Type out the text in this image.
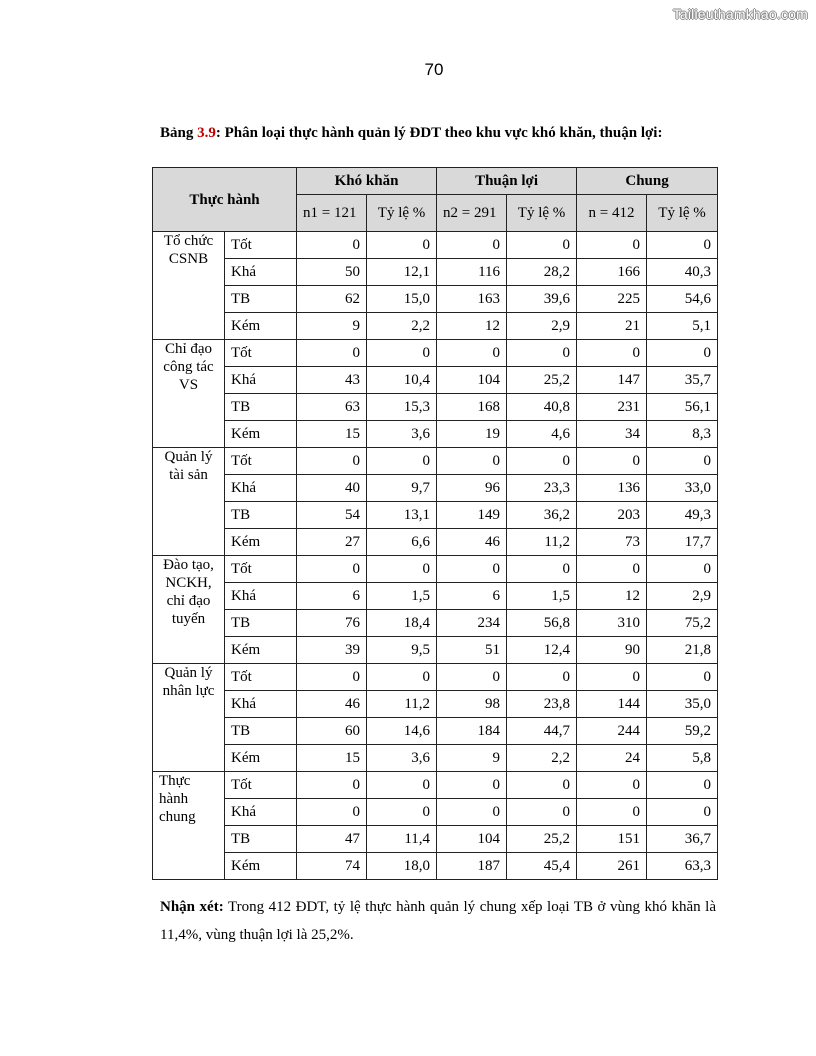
Tailieuthamkhao.com
70
Bảng 3.9: Phân loại thực hành quản lý ĐDT theo khu vực khó khăn, thuận lợi:
Thực hành		Khó khăn		Thuận lợi		Chung	
		n1 = 121	Tỷ lệ %	n2 = 291	Tỷ lệ %	n = 412	Tỷ lệ %
Tổ chức CSNB	Tốt	0	0	0	0	0	0
	Khá	50	12,1	116	28,2	166	40,3
	TB	62	15,0	163	39,6	225	54,6
	Kém	9	2,2	12	2,9	21	5,1
Chỉ đạo công tác VS	Tốt	0	0	0	0	0	0
	Khá	43	10,4	104	25,2	147	35,7
	TB	63	15,3	168	40,8	231	56,1
	Kém	15	3,6	19	4,6	34	8,3
Quản lý tài sản	Tốt	0	0	0	0	0	0
	Khá	40	9,7	96	23,3	136	33,0
	TB	54	13,1	149	36,2	203	49,3
	Kém	27	6,6	46	11,2	73	17,7
Đào tạo, NCKH, chỉ đạo tuyến	Tốt	0	0	0	0	0	0
	Khá	6	1,5	6	1,5	12	2,9
	TB	76	18,4	234	56,8	310	75,2
	Kém	39	9,5	51	12,4	90	21,8
Quản lý nhân lực	Tốt	0	0	0	0	0	0
	Khá	46	11,2	98	23,8	144	35,0
	TB	60	14,6	184	44,7	244	59,2
	Kém	15	3,6	9	2,2	24	5,8
Thực hành chung	Tốt	0	0	0	0	0	0
	Khá	0	0	0	0	0	0
	TB	47	11,4	104	25,2	151	36,7
	Kém	74	18,0	187	45,4	261	63,3
Nhận xét: Trong 412 ĐDT, tỷ lệ thực hành quản lý chung xếp loại TB ở vùng khó khăn là 11,4%, vùng thuận lợi là 25,2%.
